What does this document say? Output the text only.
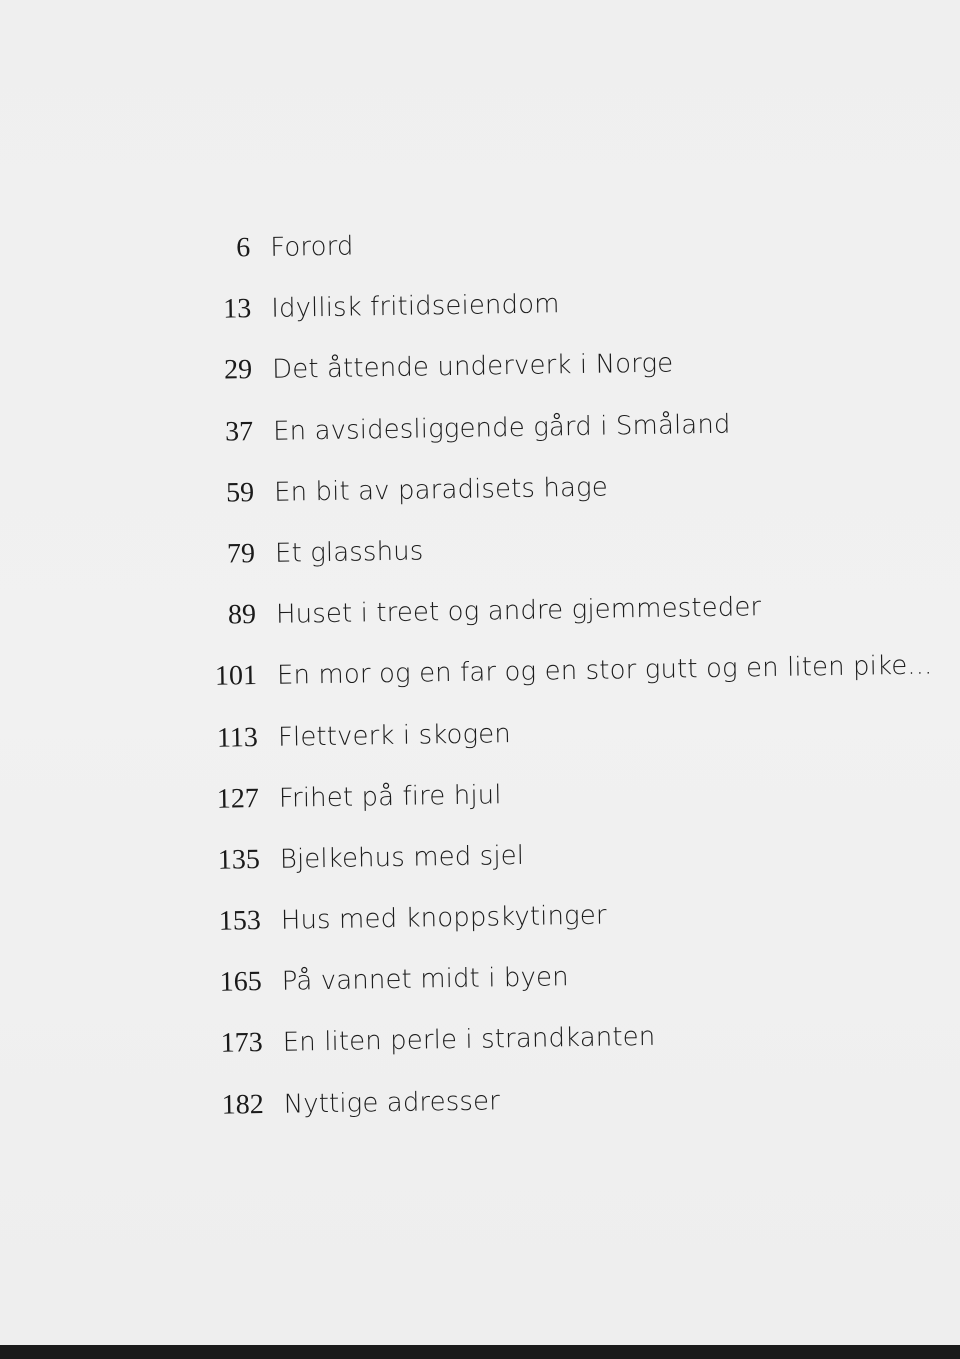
6 Forord
13 Idyllisk fritidseiendom
29 Det åttende underverk i Norge
37 En avsidesliggende gård i Småland
59 En bit av paradisets hage
79 Et glasshus
89 Huset i treet og andre gjemmesteder
101 En mor og en far og en stor gutt og en liten pike...
113 Flettverk i skogen
127 Frihet på fire hjul
135 Bjelkehus med sjel
153 Hus med knoppskytinger
165 På vannet midt i byen
173 En liten perle i strandkanten
182 Nyttige adresser
